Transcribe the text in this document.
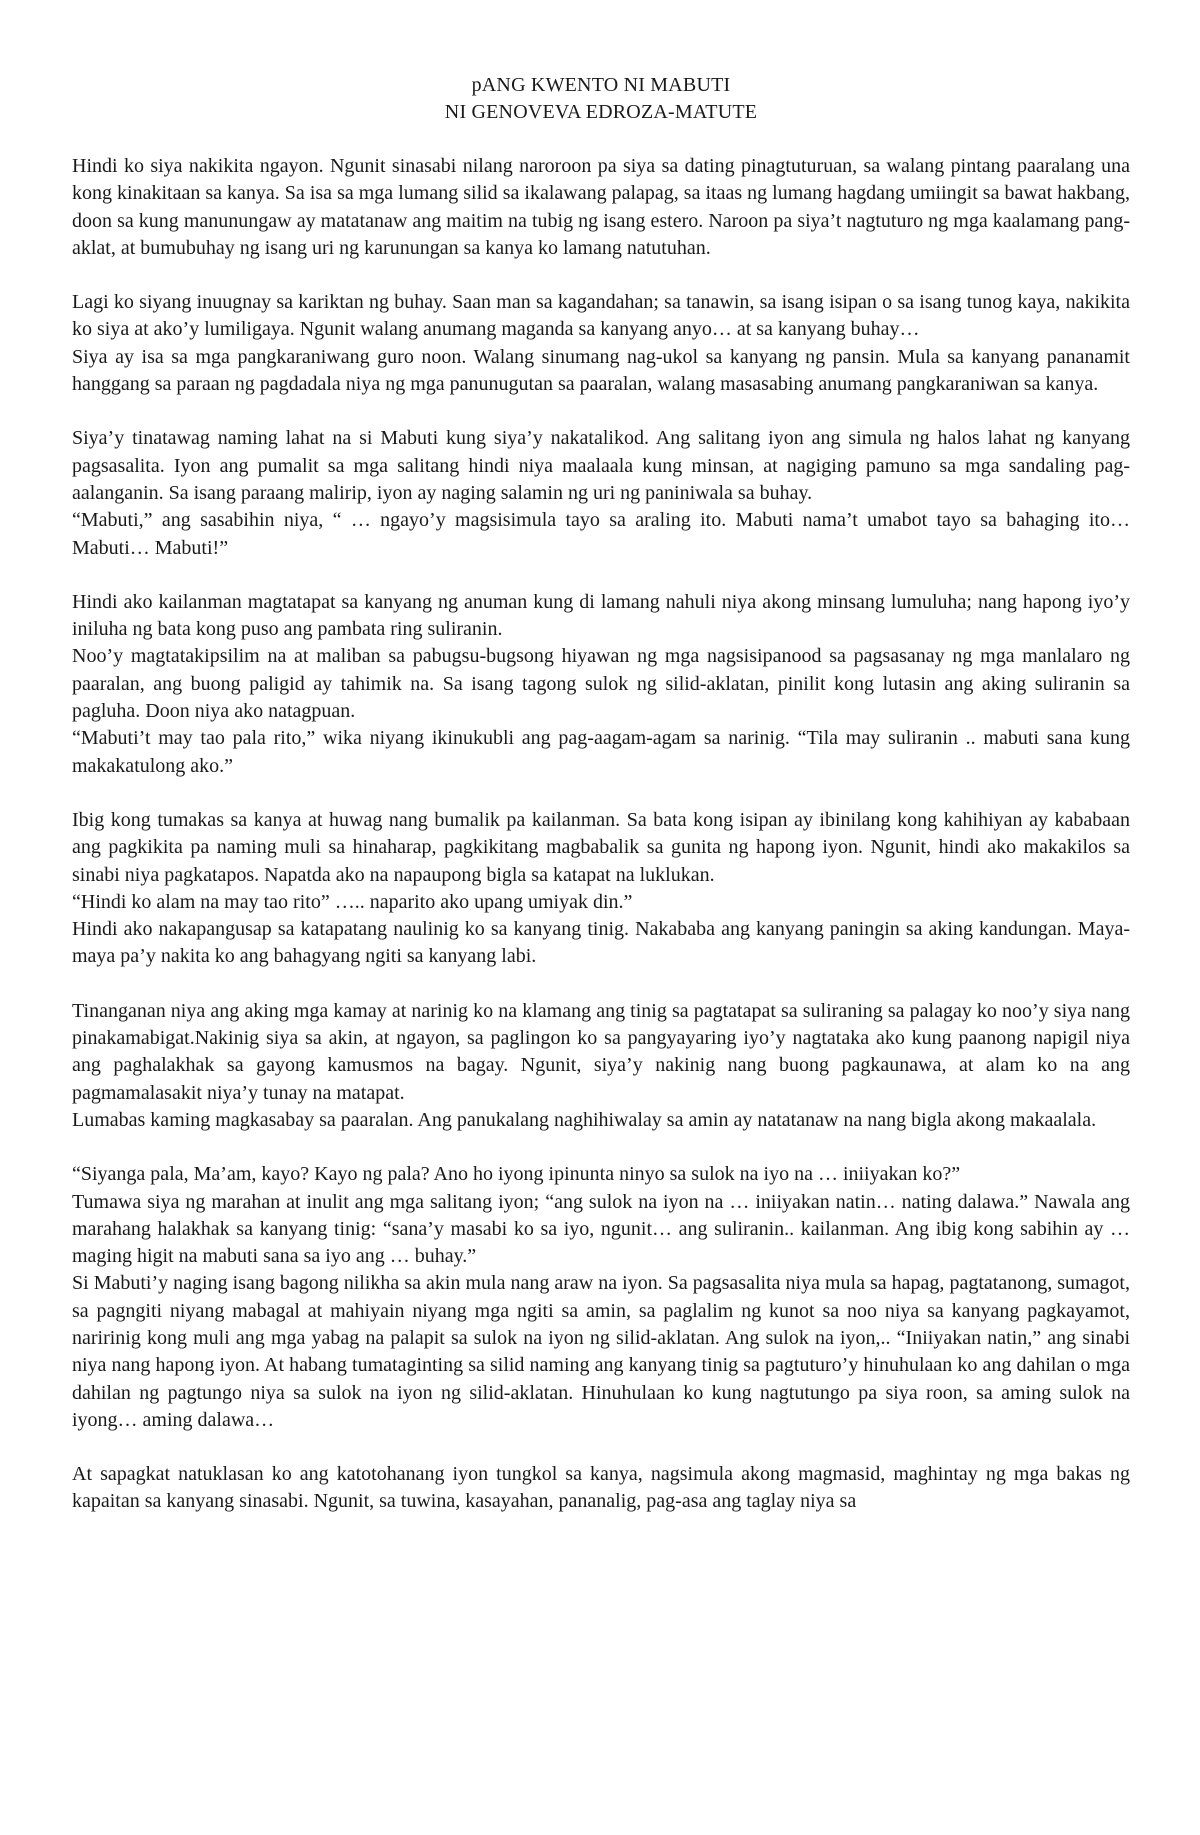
pANG KWENTO NI MABUTI
NI GENOVEVA EDROZA-MATUTE

Hindi ko siya nakikita ngayon. Ngunit sinasabi nilang naroroon pa siya sa dating pinagtuturuan, sa walang pintang paaralang una kong kinakitaan sa kanya. Sa isa sa mga lumang silid sa ikalawang palapag, sa itaas ng lumang hagdang umiingit sa bawat hakbang, doon sa kung manunungaw ay matatanaw ang maitim na tubig ng isang estero. Naroon pa siya’t nagtuturo ng mga kaalamang pang-aklat, at bumubuhay ng isang uri ng karunungan sa kanya ko lamang natutuhan.

Lagi ko siyang inuugnay sa kariktan ng buhay. Saan man sa kagandahan; sa tanawin, sa isang isipan o sa isang tunog kaya, nakikita ko siya at ako’y lumiligaya. Ngunit walang anumang maganda sa kanyang anyo… at sa kanyang buhay…

Siya ay isa sa mga pangkaraniwang guro noon. Walang sinumang nag-ukol sa kanyang ng pansin. Mula sa kanyang pananamit hanggang sa paraan ng pagdadala niya ng mga panunugutan sa paaralan, walang masasabing anumang pangkaraniwan sa kanya.

Siya’y tinatawag naming lahat na si Mabuti kung siya’y nakatalikod. Ang salitang iyon ang simula ng halos lahat ng kanyang pagsasalita. Iyon ang pumalit sa mga salitang hindi niya maalaala kung minsan, at nagiging pamuno sa mga sandaling pag-aalanganin. Sa isang paraang malirip, iyon ay naging salamin ng uri ng paniniwala sa buhay.

“Mabuti,” ang sasabihin niya, “ … ngayo’y magsisimula tayo sa araling ito. Mabuti nama’t umabot tayo sa bahaging ito… Mabuti… Mabuti!”

Hindi ako kailanman magtatapat sa kanyang ng anuman kung di lamang nahuli niya akong minsang lumuluha; nang hapong iyo’y iniluha ng bata kong puso ang pambata ring suliranin.

Noo’y magtatakipsilim na at maliban sa pabugsu-bugsong hiyawan ng mga nagsisipanood sa pagsasanay ng mga manlalaro ng paaralan, ang buong paligid ay tahimik na. Sa isang tagong sulok ng silid-aklatan, pinilit kong lutasin ang aking suliranin sa pagluha. Doon niya ako natagpuan.

“Mabuti’t may tao pala rito,” wika niyang ikinukubli ang pag-aagam-agam sa narinig. “Tila may suliranin .. mabuti sana kung makakatulong ako.”

Ibig kong tumakas sa kanya at huwag nang bumalik pa kailanman. Sa bata kong isipan ay ibinilang kong kahihiyan ay kababaan ang pagkikita pa naming muli sa hinaharap, pagkikitang magbabalik sa gunita ng hapong iyon. Ngunit, hindi ako makakilos sa sinabi niya pagkatapos. Napatda ako na napaupong bigla sa katapat na luklukan.

“Hindi ko alam na may tao rito” ….. naparito ako upang umiyak din.”

Hindi ako nakapangusap sa katapatang naulinig ko sa kanyang tinig. Nakababa ang kanyang paningin sa aking kandungan. Maya-maya pa’y nakita ko ang bahagyang ngiti sa kanyang labi.

Tinanganan niya ang aking mga kamay at narinig ko na klamang ang tinig sa pagtatapat sa suliraning sa palagay ko noo’y siya nang pinakamabigat.Nakinig siya sa akin, at ngayon, sa paglingon ko sa pangyayaring iyo’y nagtataka ako kung paanong napigil niya ang paghalakhak sa gayong kamusmos na bagay. Ngunit, siya’y nakinig nang buong pagkaunawa, at alam ko na ang pagmamalasakit niya’y tunay na matapat.

Lumabas kaming magkasabay sa paaralan. Ang panukalang naghihiwalay sa amin ay natatanaw na nang bigla akong makaalala.

“Siyanga pala, Ma’am, kayo? Kayo ng pala? Ano ho iyong ipinunta ninyo sa sulok na iyo na … iniiyakan ko?”

Tumawa siya ng marahan at inulit ang mga salitang iyon; “ang sulok na iyon na … iniiyakan natin… nating dalawa.” Nawala ang marahang halakhak sa kanyang tinig: “sana’y masabi ko sa iyo, ngunit… ang suliranin.. kailanman. Ang ibig kong sabihin ay … maging higit na mabuti sana sa iyo ang … buhay.”

Si Mabuti’y naging isang bagong nilikha sa akin mula nang araw na iyon. Sa pagsasalita niya mula sa hapag, pagtatanong, sumagot, sa pagngiti niyang mabagal at mahiyain niyang mga ngiti sa amin, sa paglalim ng kunot sa noo niya sa kanyang pagkayamot, naririnig kong muli ang mga yabag na palapit sa sulok na iyon ng silid-aklatan. Ang sulok na iyon,.. “Iniiyakan natin,” ang sinabi niya nang hapong iyon. At habang tumataginting sa silid naming ang kanyang tinig sa pagtuturo’y hinuhulaan ko ang dahilan o mga dahilan ng pagtungo niya sa sulok na iyon ng silid-aklatan. Hinuhulaan ko kung nagtutungo pa siya roon, sa aming sulok na iyong… aming dalawa…

At sapagkat natuklasan ko ang katotohanang iyon tungkol sa kanya, nagsimula akong magmasid, maghintay ng mga bakas ng kapaitan sa kanyang sinasabi. Ngunit, sa tuwina, kasayahan, pananalig, pag-asa ang taglay niya sa
